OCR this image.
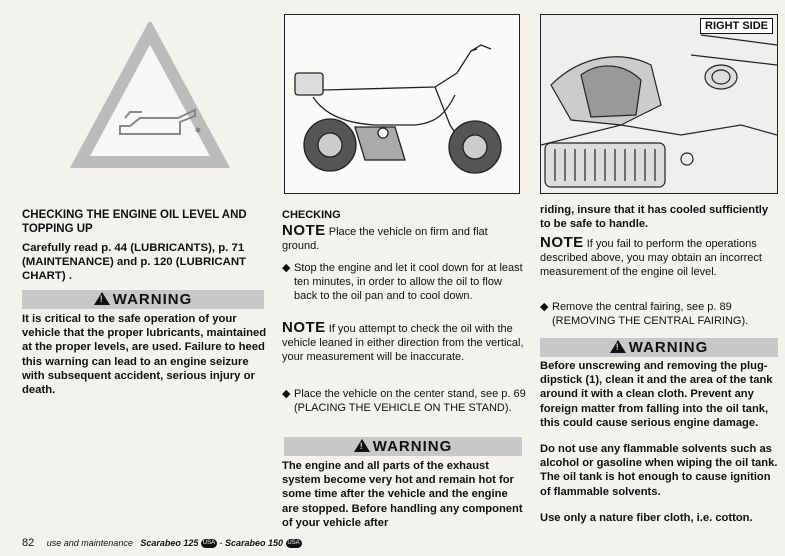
CHECKING THE ENGINE OIL LEVEL AND TOPPING UP
Carefully read p. 44 (LUBRICANTS), p. 71 (MAINTENANCE) and p. 120 (LUBRICANT CHART) .
!WARNING
It is critical to the safe operation of your vehicle that the proper lubricants, maintained at the proper levels, are used. Failure to heed this warning can lead to an engine seizure with subsequent accident, serious injury or death.
CHECKING
NOTE Place the vehicle on firm and flat ground.
◆ Stop the engine and let it cool down for at least ten minutes, in order to allow the oil to flow back to the oil pan and to cool down.
NOTE If you attempt to check the oil with the vehicle leaned in either direction from the vertical, your measurement will be inaccurate.
◆ Place the vehicle on the center stand, see p. 69 (PLACING THE VEHICLE ON THE STAND).
!WARNING
The engine and all parts of the exhaust system become very hot and remain hot for some time after the vehicle and the engine are stopped. Before handling any component of your vehicle after
RIGHT SIDE
riding, insure that it has cooled sufficiently to be safe to handle.
NOTE If you fail to perform the operations described above, you may obtain an incorrect measurement of the engine oil level.
◆ Remove the central fairing, see p. 89 (REMOVING THE CENTRAL FAIRING).
!WARNING
Before unscrewing and removing the plug-dipstick (1), clean it and the area of the tank around it with a clean cloth. Prevent any foreign matter from falling into the oil tank, this could cause serious engine damage.
Do not use any flammable solvents such as alcohol or gasoline when wiping the oil tank. The oil tank is hot enough to cause ignition of flammable solvents.
Use only a nature fiber cloth, i.e. cotton.
82 use and maintenance Scarabeo 125 USA - Scarabeo 150 USA
